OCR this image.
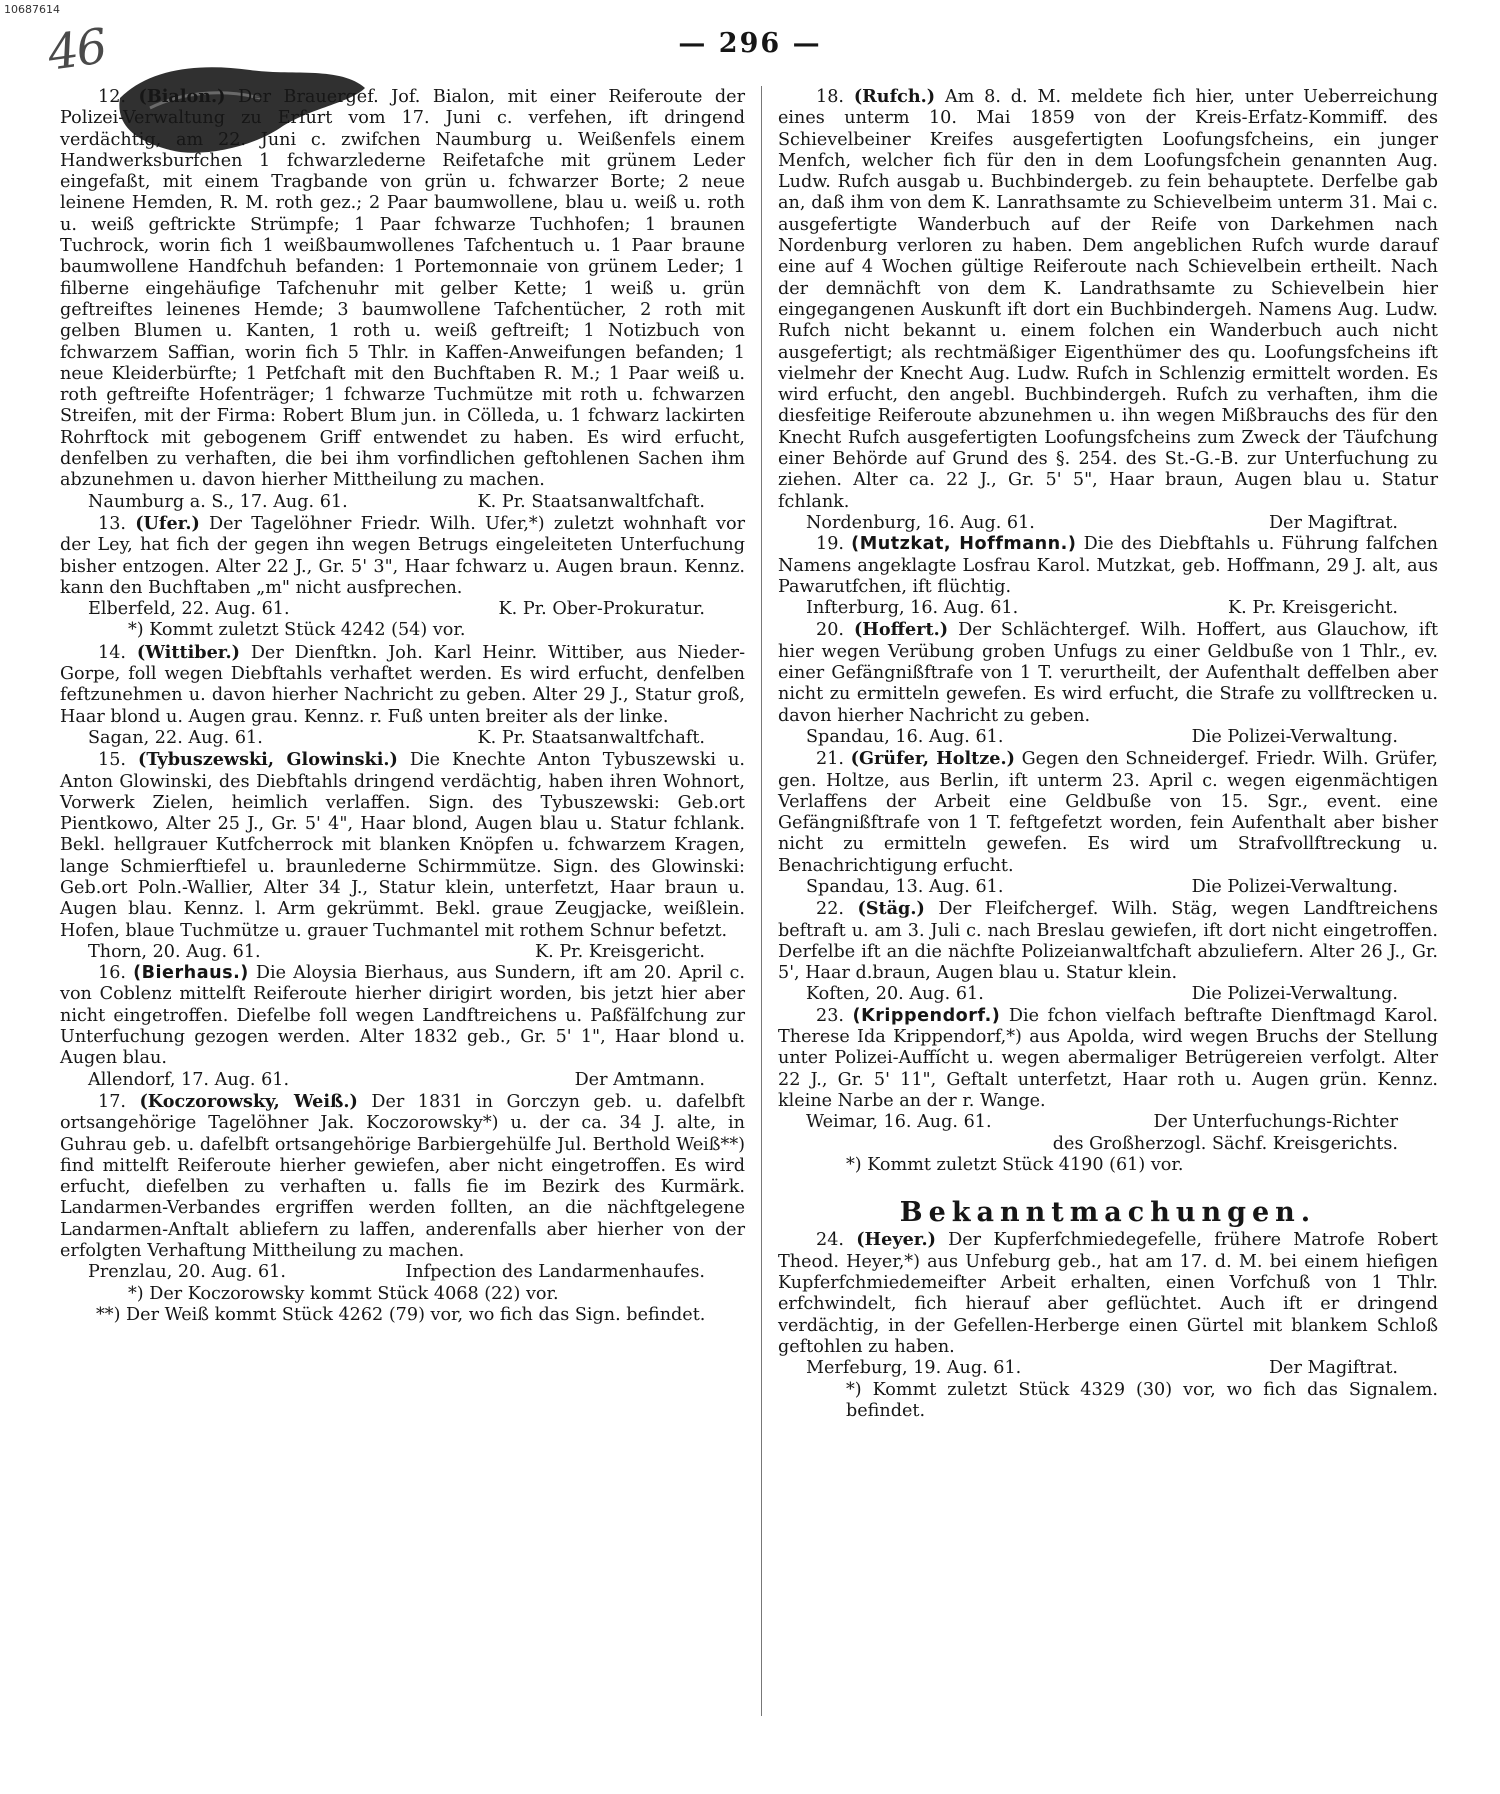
10687614
46	— 296 —

12. (Bialon.) Der Brauergef. Jof. Bialon, mit einer Reiferoute der Polizei-Verwaltung zu Erfurt vom 17. Juni c. verfehen, ift dringend verdächtig, am 22. Juni c. zwifchen Naumburg u. Weißenfels einem Handwerksburfchen 1 fchwarzlederne Reifetafche mit grünem Leder eingefaßt, mit einem Tragbande von grün u. fchwarzer Borte; 2 neue leinene Hemden, R. M. roth gez.; 2 Paar baumwollene, blau u. weiß u. roth u. weiß geftrickte Strümpfe; 1 Paar fchwarze Tuchhofen; 1 braunen Tuchrock, worin fich 1 weißbaumwollenes Tafchentuch u. 1 Paar braune baumwollene Handfchuh befanden: 1 Portemonnaie von grünem Leder; 1 filberne eingehäufige Tafchenuhr mit gelber Kette; 1 weiß u. grün geftreiftes leinenes Hemde; 3 baumwollene Tafchentücher, 2 roth mit gelben Blumen u. Kanten, 1 roth u. weiß geftreift; 1 Notizbuch von fchwarzem Saffian, worin fich 5 Thlr. in Kaffen-Anweifungen befanden; 1 neue Kleiderbürfte; 1 Petfchaft mit den Buchftaben R. M.; 1 Paar weiß u. roth geftreifte Hofenträger; 1 fchwarze Tuchmütze mit roth u. fchwarzen Streifen, mit der Firma: Robert Blum jun. in Cölleda, u. 1 fchwarz lackirten Rohrftock mit gebogenem Griff entwendet zu haben. Es wird erfucht, denfelben zu verhaften, die bei ihm vorfindlichen geftohlenen Sachen ihm abzunehmen u. davon hierher Mittheilung zu machen.

Naumburg a. S., 17. Aug. 61.	K. Pr. Staatsanwaltfchaft.

13. (Ufer.) Der Tagelöhner Friedr. Wilh. Ufer,*) zuletzt wohnhaft vor der Ley, hat fich der gegen ihn wegen Betrugs eingeleiteten Unterfuchung bisher entzogen. Alter 22 J., Gr. 5' 3", Haar fchwarz u. Augen braun. Kennz. kann den Buchftaben „m" nicht ausfprechen.

Elberfeld, 22. Aug. 61.	K. Pr. Ober-Prokuratur.
*) Kommt zuletzt Stück 4242 (54) vor.

14. (Wittiber.) Der Dienftkn. Joh. Karl Heinr. Wittiber, aus Nieder-Gorpe, foll wegen Diebftahls verhaftet werden. Es wird erfucht, denfelben feftzunehmen u. davon hierher Nachricht zu geben. Alter 29 J., Statur groß, Haar blond u. Augen grau. Kennz. r. Fuß unten breiter als der linke.

Sagan, 22. Aug. 61.	K. Pr. Staatsanwaltfchaft.

15. (Tybuszewski, Glowinski.) Die Knechte Anton Tybuszewski u. Anton Glowinski, des Diebftahls dringend verdächtig, haben ihren Wohnort, Vorwerk Zielen, heimlich verlaffen. Sign. des Tybuszewski: Geb.ort Pientkowo, Alter 25 J., Gr. 5' 4", Haar blond, Augen blau u. Statur fchlank. Bekl. hellgrauer Kutfcherrock mit blanken Knöpfen u. fchwarzem Kragen, lange Schmierftiefel u. braunlederne Schirmmütze. Sign. des Glowinski: Geb.ort Poln.-Wallier, Alter 34 J., Statur klein, unterfetzt, Haar braun u. Augen blau. Kennz. l. Arm gekrümmt. Bekl. graue Zeugjacke, weißlein. Hofen, blaue Tuchmütze u. grauer Tuchmantel mit rothem Schnur befetzt.

Thorn, 20. Aug. 61.	K. Pr. Kreisgericht.

16. (Bierhaus.) Die Aloysia Bierhaus, aus Sundern, ift am 20. April c. von Coblenz mittelft Reiferoute hierher dirigirt worden, bis jetzt hier aber nicht eingetroffen. Diefelbe foll wegen Landftreichens u. Paßfälfchung zur Unterfuchung gezogen werden. Alter 1832 geb., Gr. 5' 1", Haar blond u. Augen blau.

Allendorf, 17. Aug. 61.	Der Amtmann.

17. (Koczorowsky, Weiß.) Der 1831 in Gorczyn geb. u. dafelbft ortsangehörige Tagelöhner Jak. Koczorowsky*) u. der ca. 34 J. alte, in Guhrau geb. u. dafelbft ortsangehörige Barbiergehülfe Jul. Berthold Weiß**) find mittelft Reiferoute hierher gewiefen, aber nicht eingetroffen. Es wird erfucht, diefelben zu verhaften u. falls fie im Bezirk des Kurmärk. Landarmen-Verbandes ergriffen werden follten, an die nächftgelegene Landarmen-Anftalt abliefern zu laffen, anderenfalls aber hierher von der erfolgten Verhaftung Mittheilung zu machen.

Prenzlau, 20. Aug. 61.	Infpection des Landarmenhaufes.
*) Der Koczorowsky kommt Stück 4068 (22) vor.
**) Der Weiß kommt Stück 4262 (79) vor, wo fich das Sign. befindet.

18. (Rufch.) Am 8. d. M. meldete fich hier, unter Ueberreichung eines unterm 10. Mai 1859 von der Kreis-Erfatz-Kommiff. des Schievelbeiner Kreifes ausgefertigten Loofungsfcheins, ein junger Menfch, welcher fich für den in dem Loofungsfchein genannten Aug. Ludw. Rufch ausgab u. Buchbindergeb. zu fein behauptete. Derfelbe gab an, daß ihm von dem K. Lanrathsamte zu Schievelbeim unterm 31. Mai c. ausgefertigte Wanderbuch auf der Reife von Darkehmen nach Nordenburg verloren zu haben. Dem angeblichen Rufch wurde darauf eine auf 4 Wochen gültige Reiferoute nach Schievelbein ertheilt. Nach der demnächft von dem K. Landrathsamte zu Schievelbein hier eingegangenen Auskunft ift dort ein Buchbindergeh. Namens Aug. Ludw. Rufch nicht bekannt u. einem folchen ein Wanderbuch auch nicht ausgefertigt; als rechtmäßiger Eigenthümer des qu. Loofungsfcheins ift vielmehr der Knecht Aug. Ludw. Rufch in Schlenzig ermittelt worden. Es wird erfucht, den angebl. Buchbindergeh. Rufch zu verhaften, ihm die diesfeitige Reiferoute abzunehmen u. ihn wegen Mißbrauchs des für den Knecht Rufch ausgefertigten Loofungsfcheins zum Zweck der Täufchung einer Behörde auf Grund des §. 254. des St.-G.-B. zur Unterfuchung zu ziehen. Alter ca. 22 J., Gr. 5' 5", Haar braun, Augen blau u. Statur fchlank.

Nordenburg, 16. Aug. 61.	Der Magiftrat.

19. (Mutzkat, Hoffmann.) Die des Diebftahls u. Führung falfchen Namens angeklagte Losfrau Karol. Mutzkat, geb. Hoffmann, 29 J. alt, aus Pawarutfchen, ift flüchtig.

Infterburg, 16. Aug. 61.	K. Pr. Kreisgericht.

20. (Hoffert.) Der Schlächtergef. Wilh. Hoffert, aus Glauchow, ift hier wegen Verübung groben Unfugs zu einer Geldbuße von 1 Thlr., ev. einer Gefängnißftrafe von 1 T. verurtheilt, der Aufenthalt deffelben aber nicht zu ermitteln gewefen. Es wird erfucht, die Strafe zu vollftrecken u. davon hierher Nachricht zu geben.

Spandau, 16. Aug. 61.	Die Polizei-Verwaltung.

21. (Grüfer, Holtze.) Gegen den Schneidergef. Friedr. Wilh. Grüfer, gen. Holtze, aus Berlin, ift unterm 23. April c. wegen eigenmächtigen Verlaffens der Arbeit eine Geldbuße von 15. Sgr., event. eine Gefängnißftrafe von 1 T. feftgefetzt worden, fein Aufenthalt aber bisher nicht zu ermitteln gewefen. Es wird um Strafvollftreckung u. Benachrichtigung erfucht.

Spandau, 13. Aug. 61.	Die Polizei-Verwaltung.

22. (Stäg.) Der Fleifchergef. Wilh. Stäg, wegen Landftreichens beftraft u. am 3. Juli c. nach Breslau gewiefen, ift dort nicht eingetroffen. Derfelbe ift an die nächfte Polizeianwaltfchaft abzuliefern. Alter 26 J., Gr. 5', Haar d.braun, Augen blau u. Statur klein.

Koften, 20. Aug. 61.	Die Polizei-Verwaltung.

23. (Krippendorf.) Die fchon vielfach beftrafte Dienftmagd Karol. Therese Ida Krippendorf,*) aus Apolda, wird wegen Bruchs der Stellung unter Polizei-Auffícht u. wegen abermaliger Betrügereien verfolgt. Alter 22 J., Gr. 5' 11", Geftalt unterfetzt, Haar roth u. Augen grün. Kennz. kleine Narbe an der r. Wange.

Weimar, 16. Aug. 61.	Der Unterfuchungs-Richter
des Großherzogl. Sächf. Kreisgerichts.
*) Kommt zuletzt Stück 4190 (61) vor.
Bekanntmachungen.

24. (Heyer.) Der Kupferfchmiedegefelle, frühere Matrofe Robert Theod. Heyer,*) aus Unfeburg geb., hat am 17. d. M. bei einem hiefigen Kupferfchmiedemeifter Arbeit erhalten, einen Vorfchuß von 1 Thlr. erfchwindelt, fich hierauf aber geflüchtet. Auch ift er dringend verdächtig, in der Gefellen-Herberge einen Gürtel mit blankem Schloß geftohlen zu haben.

Merfeburg, 19. Aug. 61.	Der Magiftrat.
*) Kommt zuletzt Stück 4329 (30) vor, wo fich das Signalem. befindet.
